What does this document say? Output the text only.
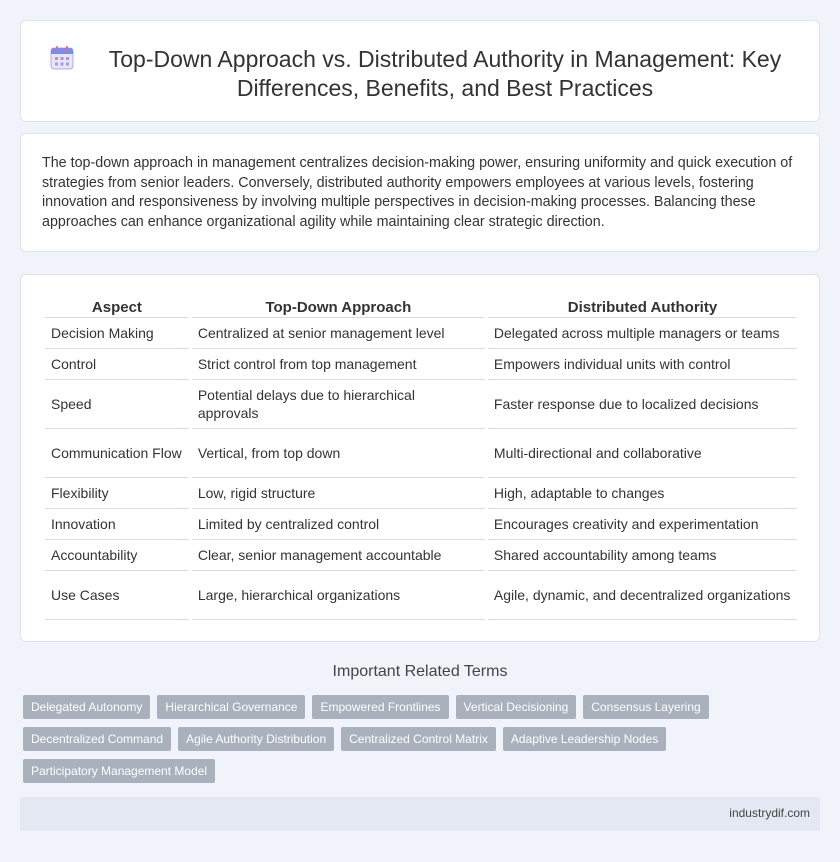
Top-Down Approach vs. Distributed Authority in Management: Key Differences, Benefits, and Best Practices

The top-down approach in management centralizes decision-making power, ensuring uniformity and quick execution of strategies from senior leaders. Conversely, distributed authority empowers employees at various levels, fostering innovation and responsiveness by involving multiple perspectives in decision-making processes. Balancing these approaches can enhance organizational agility while maintaining clear strategic direction.

Aspect	Top-Down Approach	Distributed Authority
Decision Making	Centralized at senior management level	Delegated across multiple managers or teams
Control	Strict control from top management	Empowers individual units with control
Speed	Potential delays due to hierarchical approvals	Faster response due to localized decisions
Communication Flow	Vertical, from top down	Multi-directional and collaborative
Flexibility	Low, rigid structure	High, adaptable to changes
Innovation	Limited by centralized control	Encourages creativity and experimentation
Accountability	Clear, senior management accountable	Shared accountability among teams
Use Cases	Large, hierarchical organizations	Agile, dynamic, and decentralized organizations
Important Related Terms
Delegated Autonomy	Hierarchical Governance	Empowered Frontlines	Vertical Decisioning	Consensus Layering
Decentralized Command	Agile Authority Distribution	Centralized Control Matrix	Adaptive Leadership Nodes
Participatory Management Model
industrydif.com
